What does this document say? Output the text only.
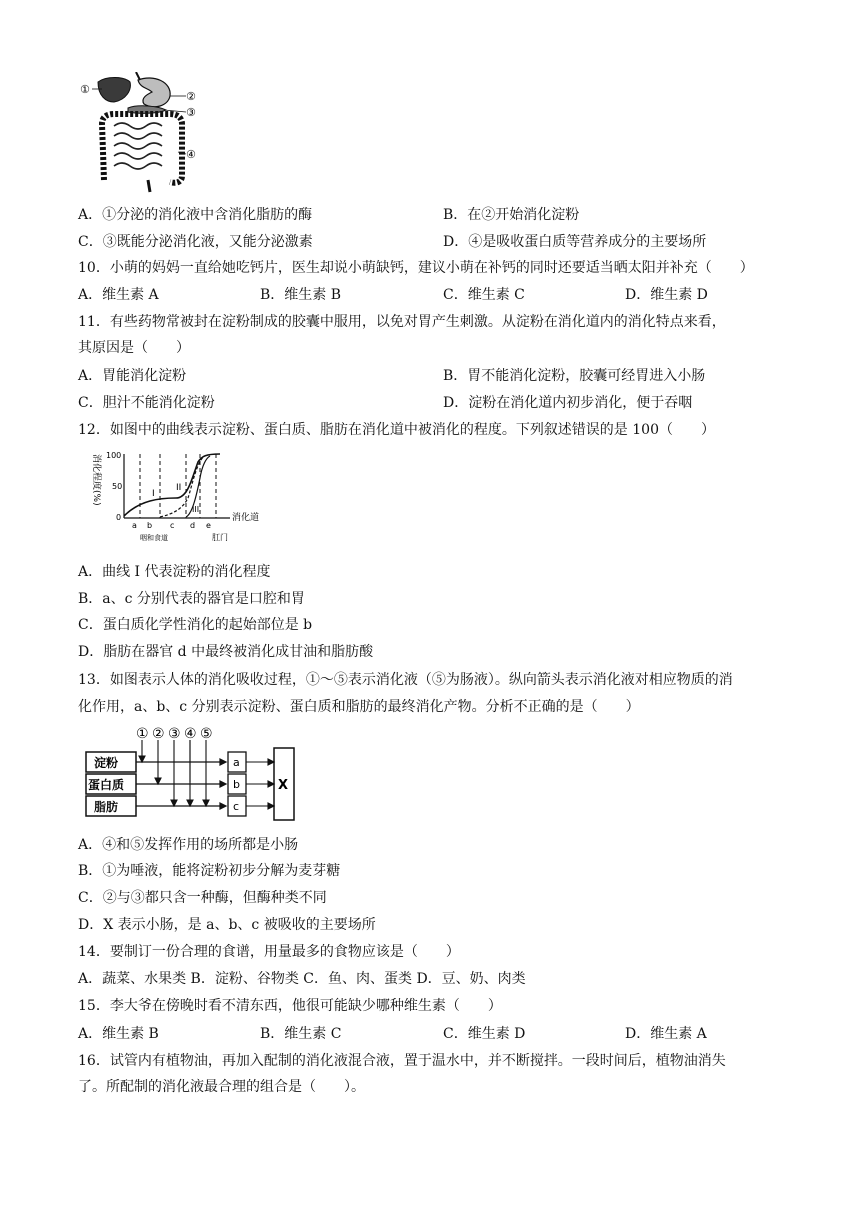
①
②
③
④
A．①分泌的消化液中含消化脂肪的酶	B．在②开始消化淀粉
C．③既能分泌消化液，又能分泌激素	D．④是吸收蛋白质等营养成分的主要场所
10．小萌的妈妈一直给她吃钙片，医生却说小萌缺钙，建议小萌在补钙的同时还要适当晒太阳并补充（　　）
A．维生素 A	B．维生素 B	C．维生素 C	D．维生素 D
11．有些药物常被封在淀粉制成的胶囊中服用，以免对胃产生刺激。从淀粉在消化道内的消化特点来看，
其原因是（　　）
A．胃能消化淀粉	B．胃不能消化淀粉，胶囊可经胃进入小肠
C．胆汁不能消化淀粉	D．淀粉在消化道内初步消化，便于吞咽
12．如图中的曲线表示淀粉、蛋白质、脂肪在消化道中被消化的程度。下列叙述错误的是 100（　　）
消化程度(%) 100
50
0
I
II
III
a b c d e
咽和食道	肛门
消化道
A．曲线 I 代表淀粉的消化程度
B．a、c 分别代表的器官是口腔和胃
C．蛋白质化学性消化的起始部位是 b
D．脂肪在器官 d 中最终被消化成甘油和脂肪酸
13．如图表示人体的消化吸收过程，①～⑤表示消化液（⑤为肠液）。纵向箭头表示消化液对相应物质的消
化作用，a、b、c 分别表示淀粉、蛋白质和脂肪的最终消化产物。分析不正确的是（　　）
① ② ③ ④ ⑤
淀粉
蛋白质
脂肪
a
b
c
X
A．④和⑤发挥作用的场所都是小肠
B．①为唾液，能将淀粉初步分解为麦芽糖
C．②与③都只含一种酶，但酶种类不同
D．X 表示小肠，是 a、b、c 被吸收的主要场所
14．要制订一份合理的食谱，用量最多的食物应该是（　　）
A．蔬菜、水果类 B．淀粉、谷物类 C．鱼、肉、蛋类 D．豆、奶、肉类
15．李大爷在傍晚时看不清东西，他很可能缺少哪种维生素（　　）
A．维生素 B	B．维生素 C	C．维生素 D	D．维生素 A
16．试管内有植物油，再加入配制的消化液混合液，置于温水中，并不断搅拌。一段时间后，植物油消失
了。所配制的消化液最合理的组合是（　　）。
